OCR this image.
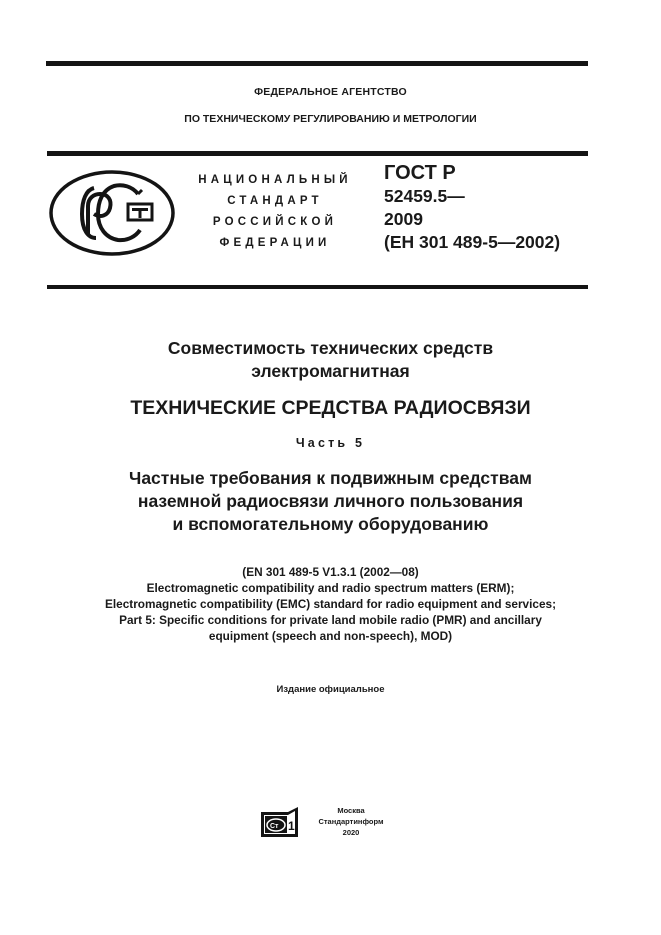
ФЕДЕРАЛЬНОЕ АГЕНТСТВО
ПО ТЕХНИЧЕСКОМУ РЕГУЛИРОВАНИЮ И МЕТРОЛОГИИ
НАЦИОНАЛЬНЫЙ
СТАНДАРТ
РОССИЙСКОЙ
ФЕДЕРАЦИИ
ГОСТ Р
52459.5—
2009
(ЕН 301 489-5—2002)
Совместимость технических средств
электромагнитная
ТЕХНИЧЕСКИЕ СРЕДСТВА РАДИОСВЯЗИ
Часть 5
Частные требования к подвижным средствам
наземной радиосвязи личного пользования
и вспомогательному оборудованию
(EN 301 489-5 V1.3.1 (2002—08)
Electromagnetic compatibility and radio spectrum matters (ERM);
Electromagnetic compatibility (EMC) standard for radio equipment and services;
Part 5: Specific conditions for private land mobile radio (PMR) and ancillary
equipment (speech and non-speech), MOD)
Издание официальное
Ст 1
Москва
Стандартинформ
2020
